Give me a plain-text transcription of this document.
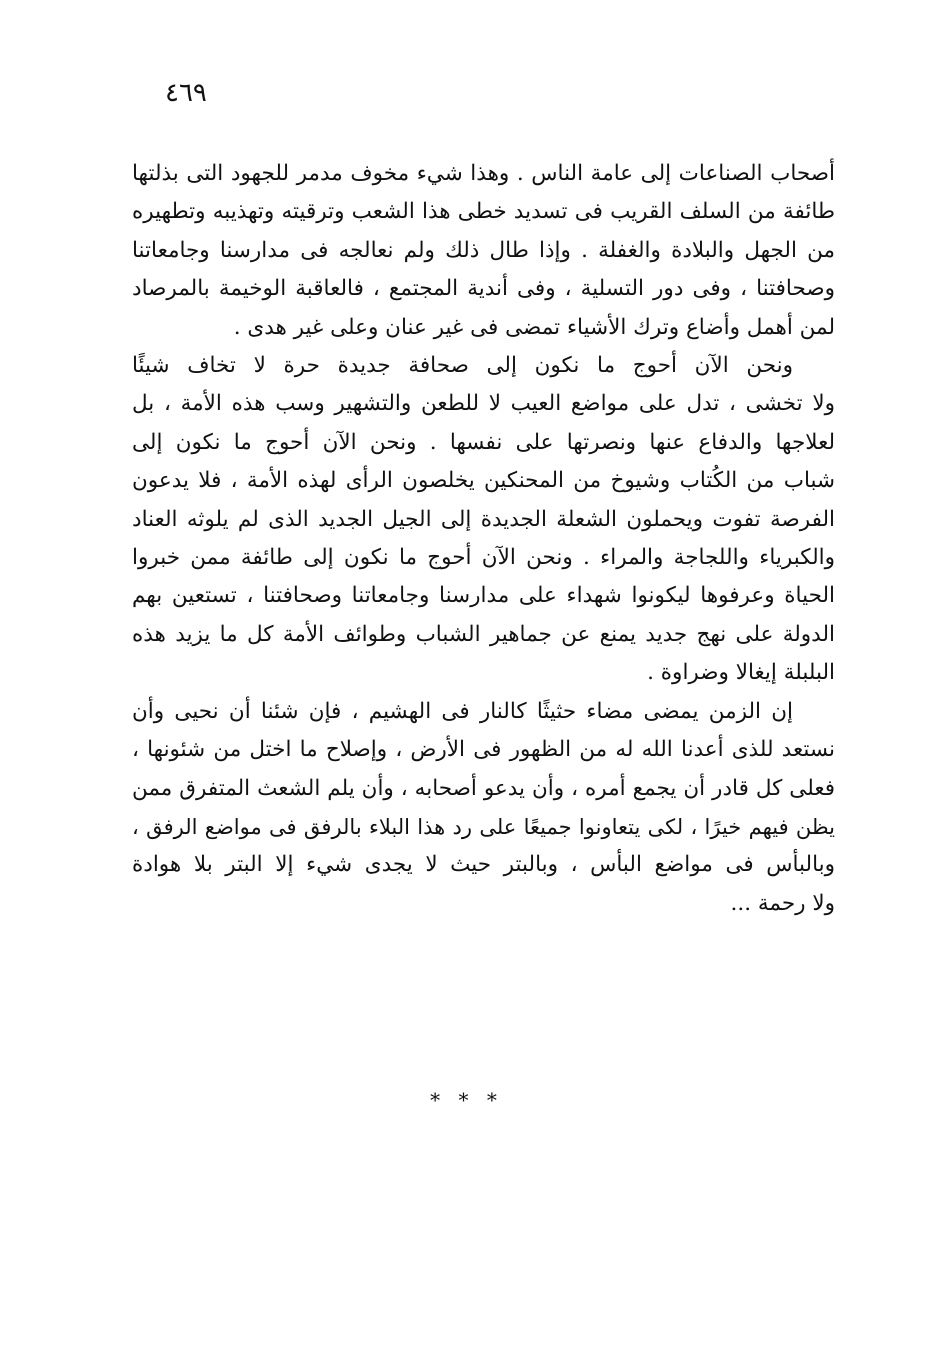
٤٦٩

أصحاب الصناعات إلى عامة الناس . وهذا شيء مخوف مدمر للجهود التى بذلتها
طائفة من السلف القريب فى تسديد خطى هذا الشعب وترقيته وتهذيبه وتطهيره
من الجهل والبلادة والغفلة . وإذا طال ذلك ولم نعالجه فى مدارسنا وجامعاتنا
وصحافتنا ، وفى دور التسلية ، وفى أندية المجتمع ، فالعاقبة الوخيمة بالمرصاد
لمن أهمل وأضاع وترك الأشياء تمضى فى غير عنان وعلى غير هدى .

ونحن الآن أحوج ما نكون إلى صحافة جديدة حرة لا تخاف شيئًا
ولا تخشى ، تدل على مواضع العيب لا للطعن والتشهير وسب هذه الأمة ، بل
لعلاجها والدفاع عنها ونصرتها على نفسها . ونحن الآن أحوج ما نكون إلى
شباب من الكُتاب وشيوخ من المحنكين يخلصون الرأى لهذه الأمة ، فلا يدعون
الفرصة تفوت ويحملون الشعلة الجديدة إلى الجيل الجديد الذى لم يلوثه العناد
والكبرياء واللجاجة والمراء . ونحن الآن أحوج ما نكون إلى طائفة ممن خبروا
الحياة وعرفوها ليكونوا شهداء على مدارسنا وجامعاتنا وصحافتنا ، تستعين بهم
الدولة على نهج جديد يمنع عن جماهير الشباب وطوائف الأمة كل ما يزيد هذه
البلبلة إيغالا وضراوة .

إن الزمن يمضى مضاء حثيثًا كالنار فى الهشيم ، فإن شئنا أن نحيى وأن
نستعد للذى أعدنا الله له من الظهور فى الأرض ، وإصلاح ما اختل من شئونها ،
فعلى كل قادر أن يجمع أمره ، وأن يدعو أصحابه ، وأن يلم الشعث المتفرق ممن
يظن فيهم خيرًا ، لكى يتعاونوا جميعًا على رد هذا البلاء بالرفق فى مواضع الرفق ،
وبالبأس فى مواضع البأس ، وبالبتر حيث لا يجدى شيء إلا البتر بلا هوادة
ولا رحمة ...

* * *
